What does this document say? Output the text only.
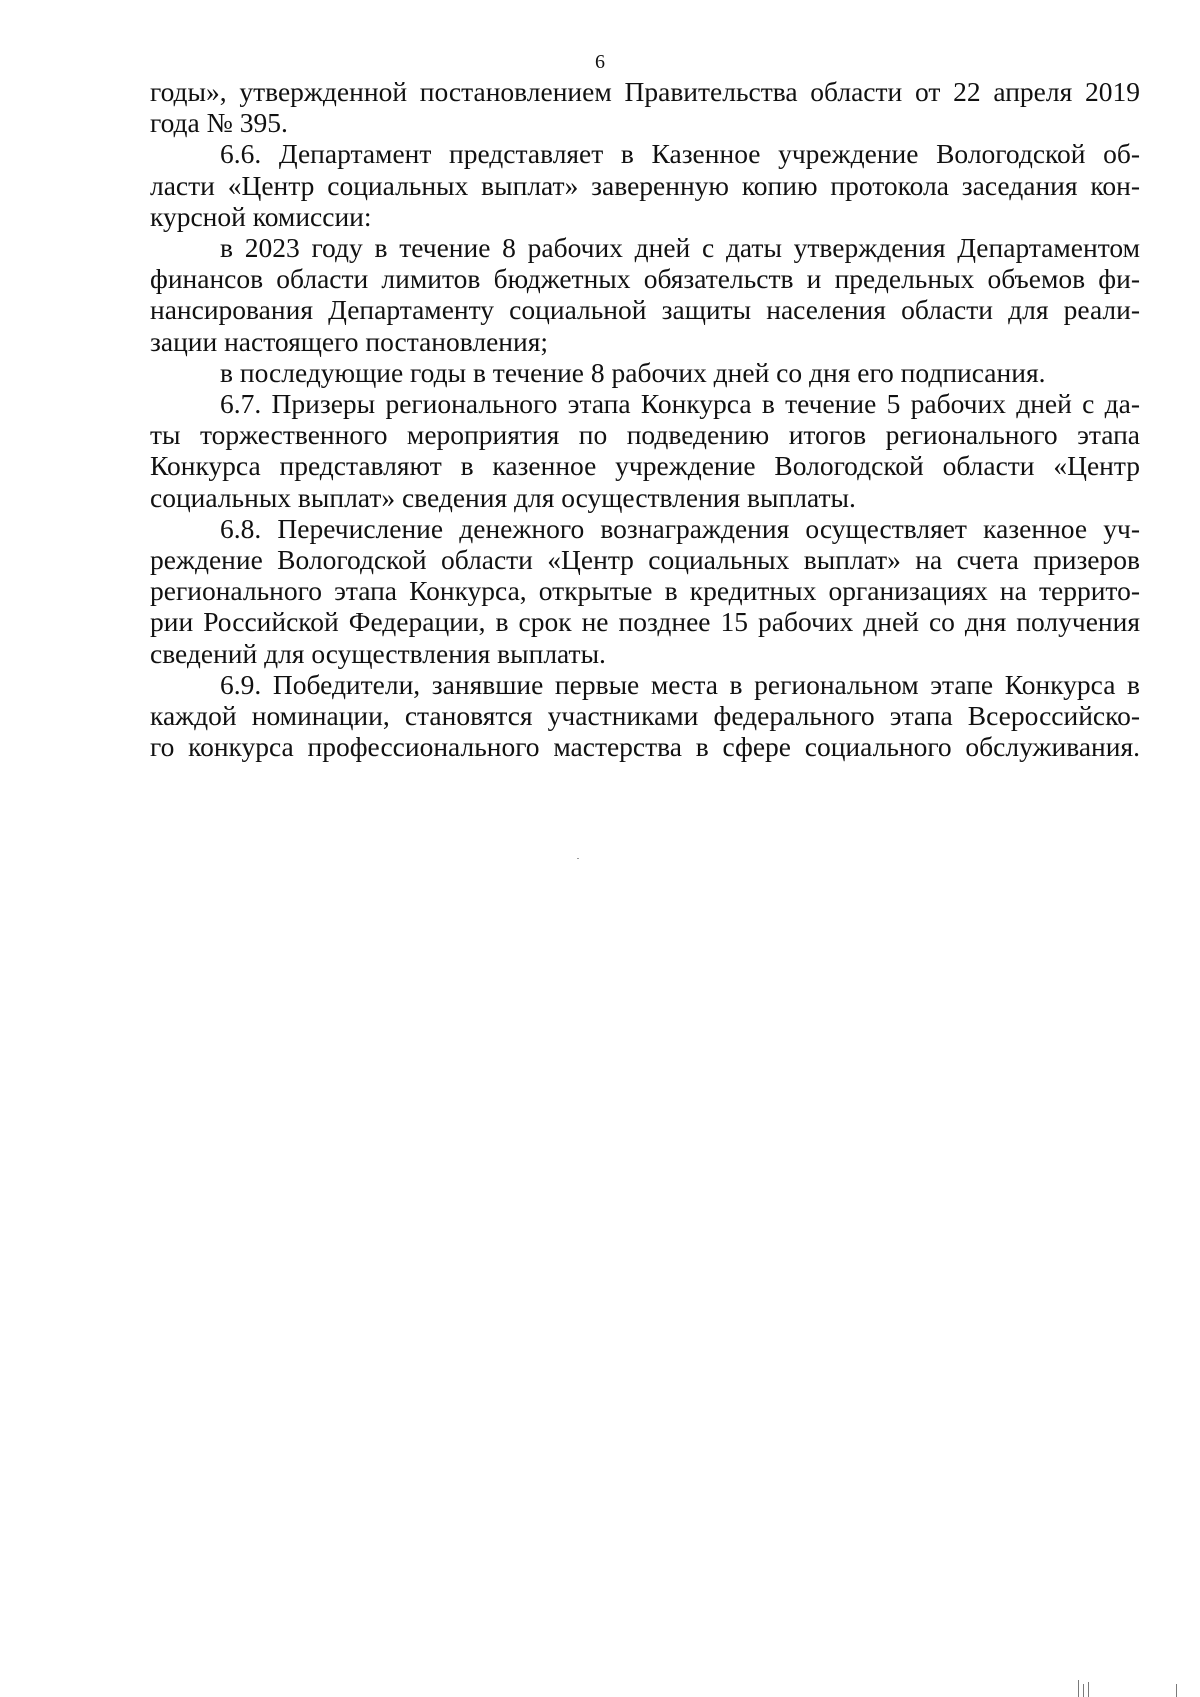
6
годы», утвержденной постановлением Правительства области от 22 апреля 2019
года № 395.
6.6. Департамент представляет в Казенное учреждение Вологодской об-
ласти «Центр социальных выплат» заверенную копию протокола заседания кон-
курсной комиссии:
в 2023 году в течение 8 рабочих дней с даты утверждения Департаментом
финансов области лимитов бюджетных обязательств и предельных объемов фи-
нансирования Департаменту социальной защиты населения области для реали-
зации настоящего постановления;
в последующие годы в течение 8 рабочих дней со дня его подписания.
6.7. Призеры регионального этапа Конкурса в течение 5 рабочих дней с да-
ты торжественного мероприятия по подведению итогов регионального этапа
Конкурса представляют в казенное учреждение Вологодской области «Центр
социальных выплат» сведения для осуществления выплаты.
6.8. Перечисление денежного вознаграждения осуществляет казенное уч-
реждение Вологодской области «Центр социальных выплат» на счета призеров
регионального этапа Конкурса, открытые в кредитных организациях на террито-
рии Российской Федерации, в срок не позднее 15 рабочих дней со дня получения
сведений для осуществления выплаты.
6.9. Победители, занявшие первые места в региональном этапе Конкурса в
каждой номинации, становятся участниками федерального этапа Всероссийско-
го конкурса профессионального мастерства в сфере социального обслуживания.
